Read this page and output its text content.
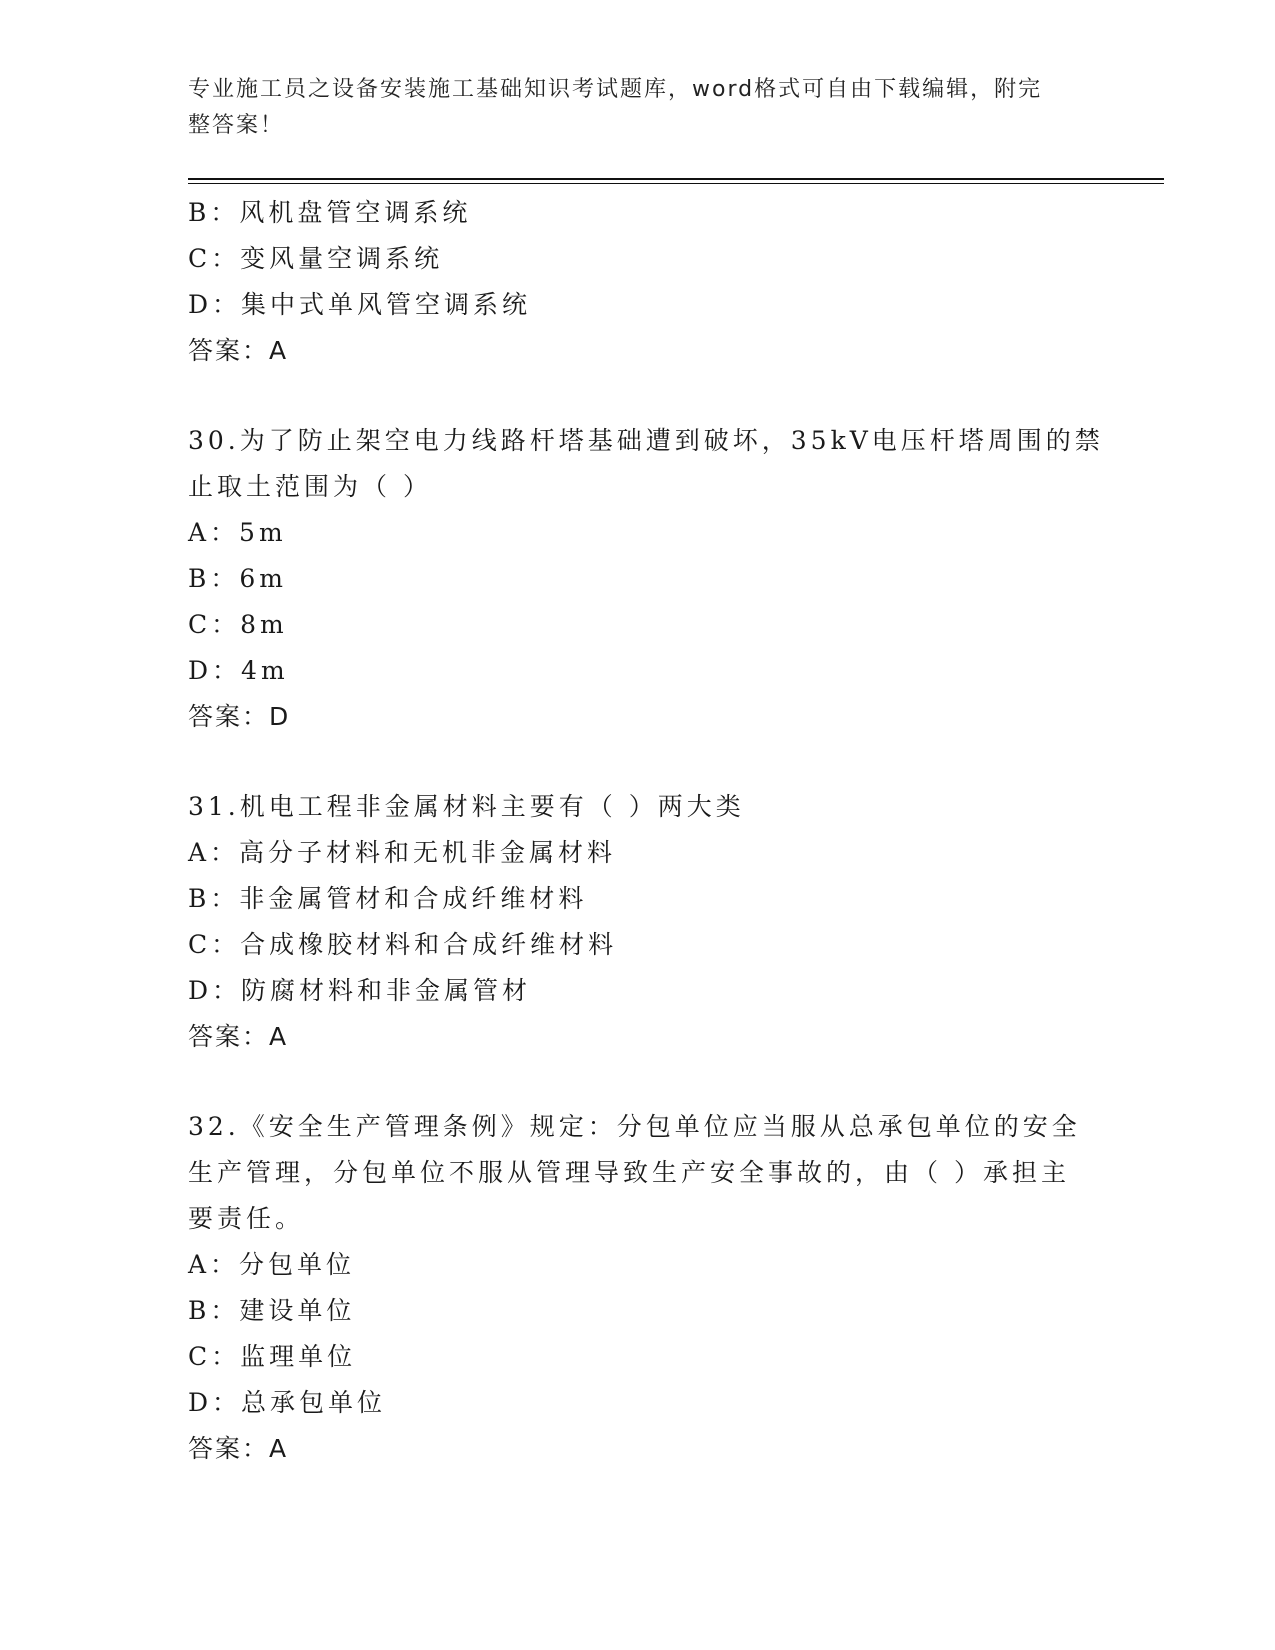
专业施工员之设备安装施工基础知识考试题库，word格式可自由下载编辑，附完
整答案！
B：风机盘管空调系统
C：变风量空调系统
D：集中式单风管空调系统
答案：A
30.为了防止架空电力线路杆塔基础遭到破坏，35kV电压杆塔周围的禁
止取土范围为（ ）
A：5m
B：6m
C：8m
D：4m
答案：D
31.机电工程非金属材料主要有（ ）两大类
A：高分子材料和无机非金属材料
B：非金属管材和合成纤维材料
C：合成橡胶材料和合成纤维材料
D：防腐材料和非金属管材
答案：A
32.《安全生产管理条例》规定：分包单位应当服从总承包单位的安全
生产管理，分包单位不服从管理导致生产安全事故的，由（ ）承担主
要责任。
A：分包单位
B：建设单位
C：监理单位
D：总承包单位
答案：A
